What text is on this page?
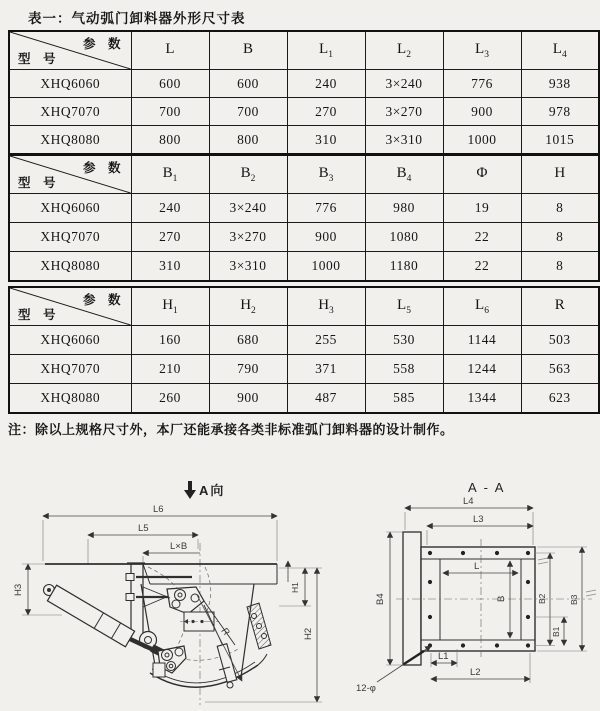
表一：气动弧门卸料器外形尺寸表
参　数
型　号	L	B	$L_1$	$L_2$	$L_3$	$L_4$
XHQ6060	600	600	240	3×240	776	938
XHQ7070	700	700	270	3×270	900	978
XHQ8080	800	800	310	3×310	1000	1015
参　数
型　号	$B_1$	$B_2$	$B_3$	$B_4$	Φ	H
XHQ6060	240	3×240	776	980	19	8
XHQ7070	270	3×270	900	1080	22	8
XHQ8080	310	3×310	1000	1180	22	8
参　数
型　号	$H_1$	$H_2$	$H_3$	$L_5$	$L_6$	R
XHQ6060	160	680	255	530	1144	503
XHQ7070	210	790	371	558	1244	563
XHQ8080	260	900	487	585	1344	623
注：除以上规格尺寸外，本厂还能承接各类非标准弧门卸料器的设计制作。
A向
L6
L5
L×B
R
H3	H1
H2
A - A
L4
L3
L
B
B4	B2	B3
B1
L1
L2
12-φ
